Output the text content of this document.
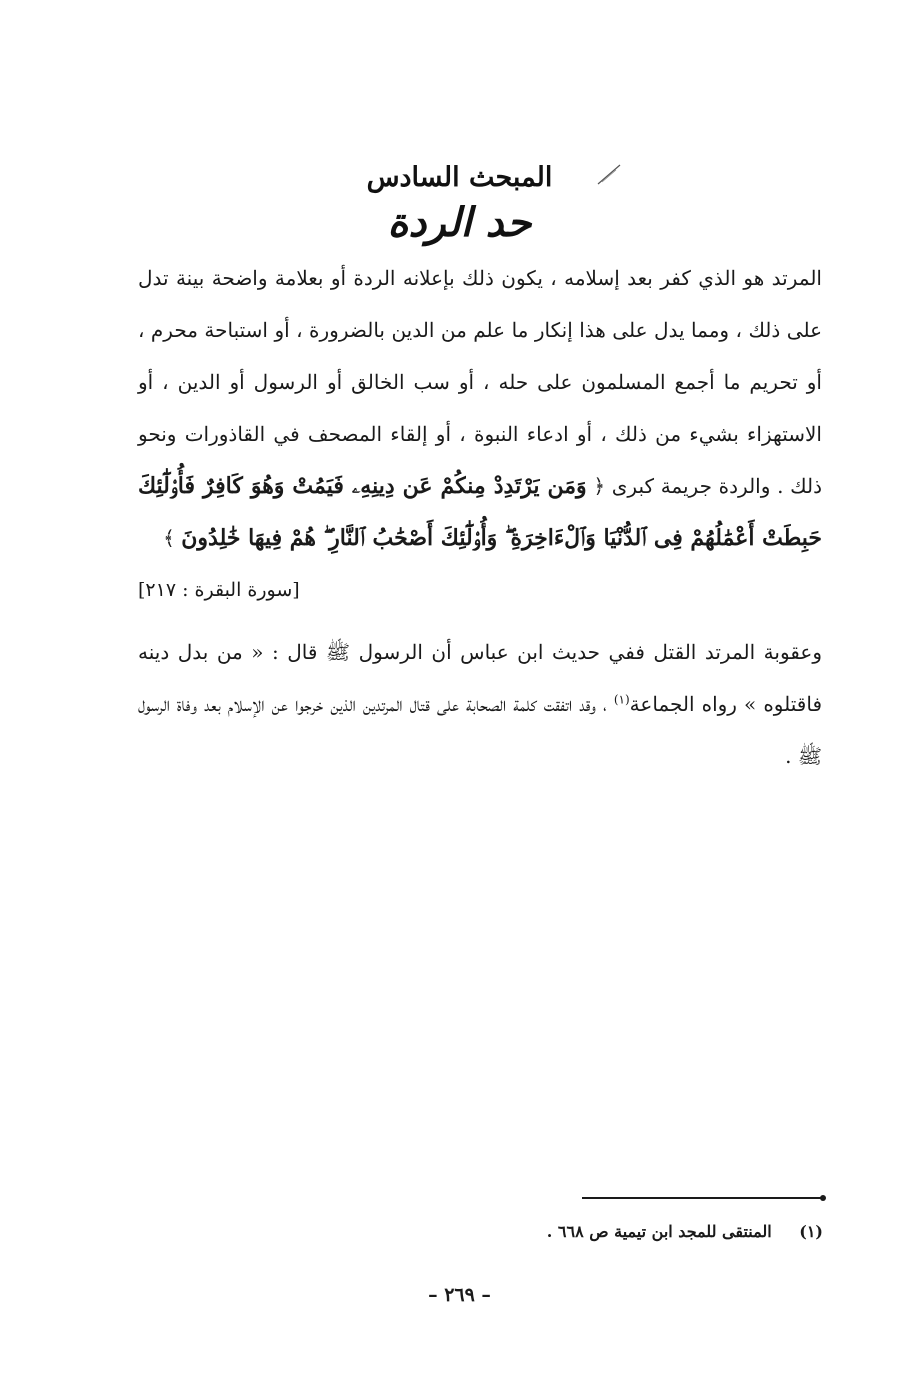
المبحث السادس
حد الردة
المرتد هو الذي كفر بعد إسلامه ، يكون ذلك بإعلانه الردة أو بعلامة واضحة بينة تدل على ذلك ، ومما يدل على هذا إنكار ما علم من الدين بالضرورة ، أو استباحة محرم ، أو تحريم ما أجمع المسلمون على حله ، أو سب الخالق أو الرسول أو الدين ، أو الاستهزاء بشيء من ذلك ، أو ادعاء النبوة ، أو إلقاء المصحف في القاذورات ونحو ذلك . والردة جريمة كبرى ﴿ وَمَن يَرْتَدِدْ مِنكُمْ عَن دِينِهِۦ فَيَمُتْ وَهُوَ كَافِرٌ فَأُو۟لَٰٓئِكَ حَبِطَتْ أَعْمَٰلُهُمْ فِى ٱلدُّنْيَا وَٱلْءَاخِرَةِ ۖ وَأُو۟لَٰٓئِكَ أَصْحَٰبُ ٱلنَّارِ ۖ هُمْ فِيهَا خَٰلِدُونَ ﴾
[سورة البقرة : ٢١٧]
وعقوبة المرتد القتل ففي حديث ابن عباس أن الرسول ﷺ قال : « من بدل دينه فاقتلوه » رواه الجماعة$^{(١)}$ ، وقد اتفقت كلمة الصحابة على قتال المرتدين الذين خرجوا عن الإسلام بعد وفاة الرسول ﷺ .
(١) المنتقى للمجد ابن تيمية ص ٦٦٨ .
– ٢٦٩ –
